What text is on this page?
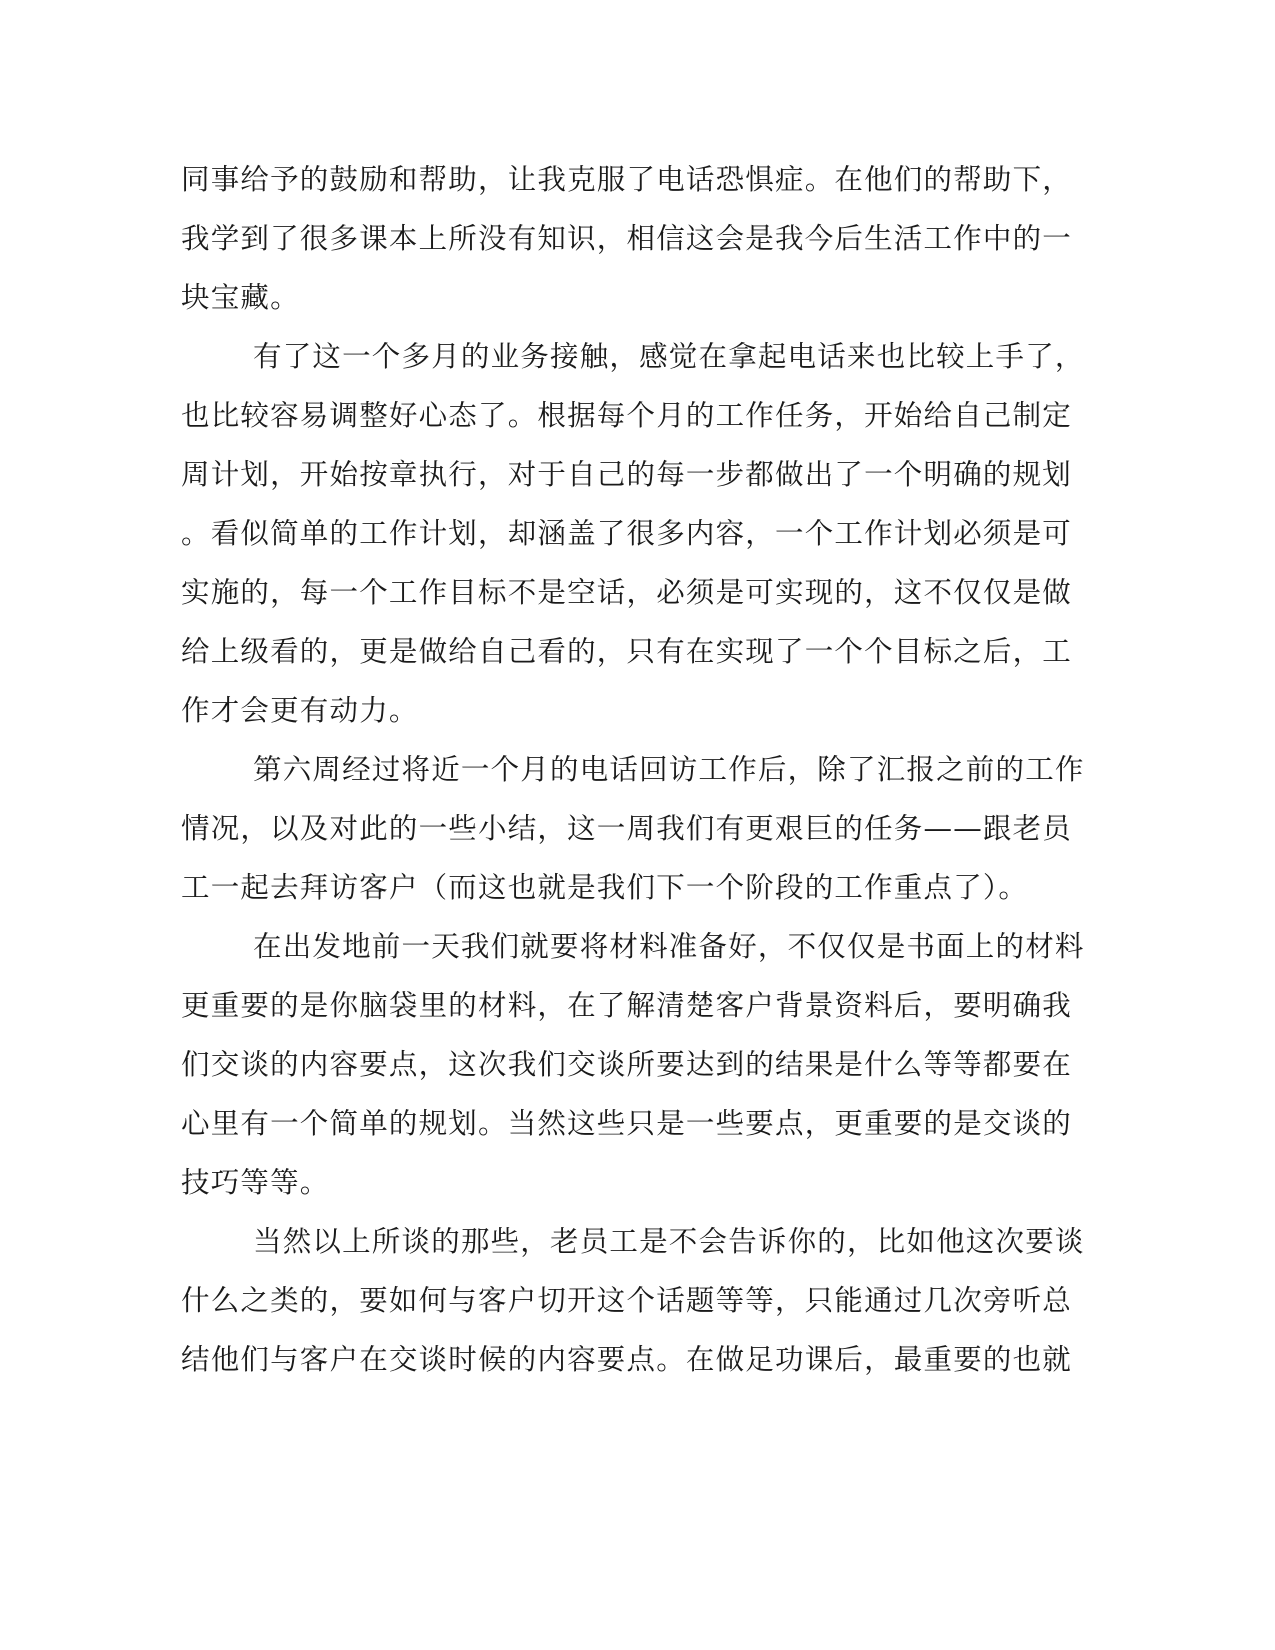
同事给予的鼓励和帮助，让我克服了电话恐惧症。在他们的帮助下，

我学到了很多课本上所没有知识，相信这会是我今后生活工作中的一

块宝藏。

有了这一个多月的业务接触，感觉在拿起电话来也比较上手了，

也比较容易调整好心态了。根据每个月的工作任务，开始给自己制定

周计划，开始按章执行，对于自己的每一步都做出了一个明确的规划

。看似简单的工作计划，却涵盖了很多内容，一个工作计划必须是可

实施的，每一个工作目标不是空话，必须是可实现的，这不仅仅是做

给上级看的，更是做给自己看的，只有在实现了一个个目标之后，工

作才会更有动力。

第六周经过将近一个月的电话回访工作后，除了汇报之前的工作

情况，以及对此的一些小结，这一周我们有更艰巨的任务——跟老员

工一起去拜访客户（而这也就是我们下一个阶段的工作重点了）。

在出发地前一天我们就要将材料准备好，不仅仅是书面上的材料

更重要的是你脑袋里的材料，在了解清楚客户背景资料后，要明确我

们交谈的内容要点，这次我们交谈所要达到的结果是什么等等都要在

心里有一个简单的规划。当然这些只是一些要点，更重要的是交谈的

技巧等等。

当然以上所谈的那些，老员工是不会告诉你的，比如他这次要谈

什么之类的，要如何与客户切开这个话题等等，只能通过几次旁听总

结他们与客户在交谈时候的内容要点。在做足功课后，最重要的也就
